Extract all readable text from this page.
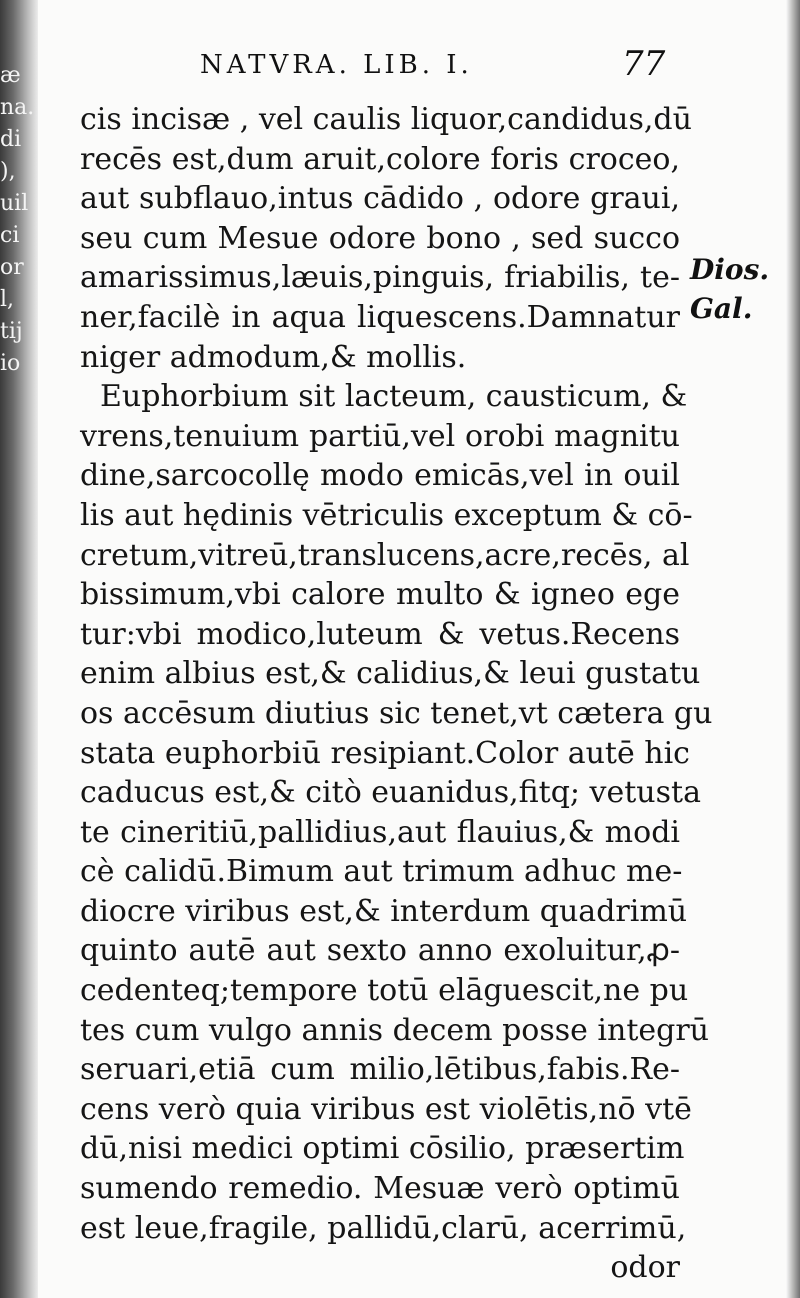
æ
na.
di
),
uil
ci
or
l,
tij
io
NATVRA. LIB. I.	77
cis incisæ , vel caulis liquor,candidus,dū
recēs est,dum aruit,colore foris croceo,
aut subflauo,intus cādido , odore graui,
seu cum Mesue odore bono , sed succo
amarissimus,læuis,pinguis, friabilis, te-
ner,facilè in aqua liquescens.Damnatur
niger admodum,& mollis.
Euphorbium sit lacteum, causticum, &
vrens,tenuium partiū,vel orobi magnitu
dine,sarcocollę modo emicās,vel in ouil
lis aut hędinis vētriculis exceptum & cō-
cretum,vitreū,translucens,acre,recēs, al
bissimum,vbi calore multo & igneo ege
tur:vbi modico,luteum & vetus.Recens
enim albius est,& calidius,& leui gustatu
os accēsum diutius sic tenet,vt cætera gu
stata euphorbiū resipiant.Color autē hic
caducus est,& citò euanidus,fitq; vetusta
te cineritiū,pallidius,aut flauius,& modi
cè calidū.Bimum aut trimum adhuc me-
diocre viribus est,& interdum quadrimū
quinto autē aut sexto anno exoluitur,ꝓ-
cedenteq;tempore totū elāguescit,ne pu
tes cum vulgo annis decem posse integrū
seruari,etiā cum milio,lētibus,fabis.Re-
cens verò quia viribus est violētis,nō vtē
dū,nisi medici optimi cōsilio, præsertim
sumendo remedio. Mesuæ verò optimū
est leue,fragile, pallidū,clarū, acerrimū,
odor
Dios.
Gal.
